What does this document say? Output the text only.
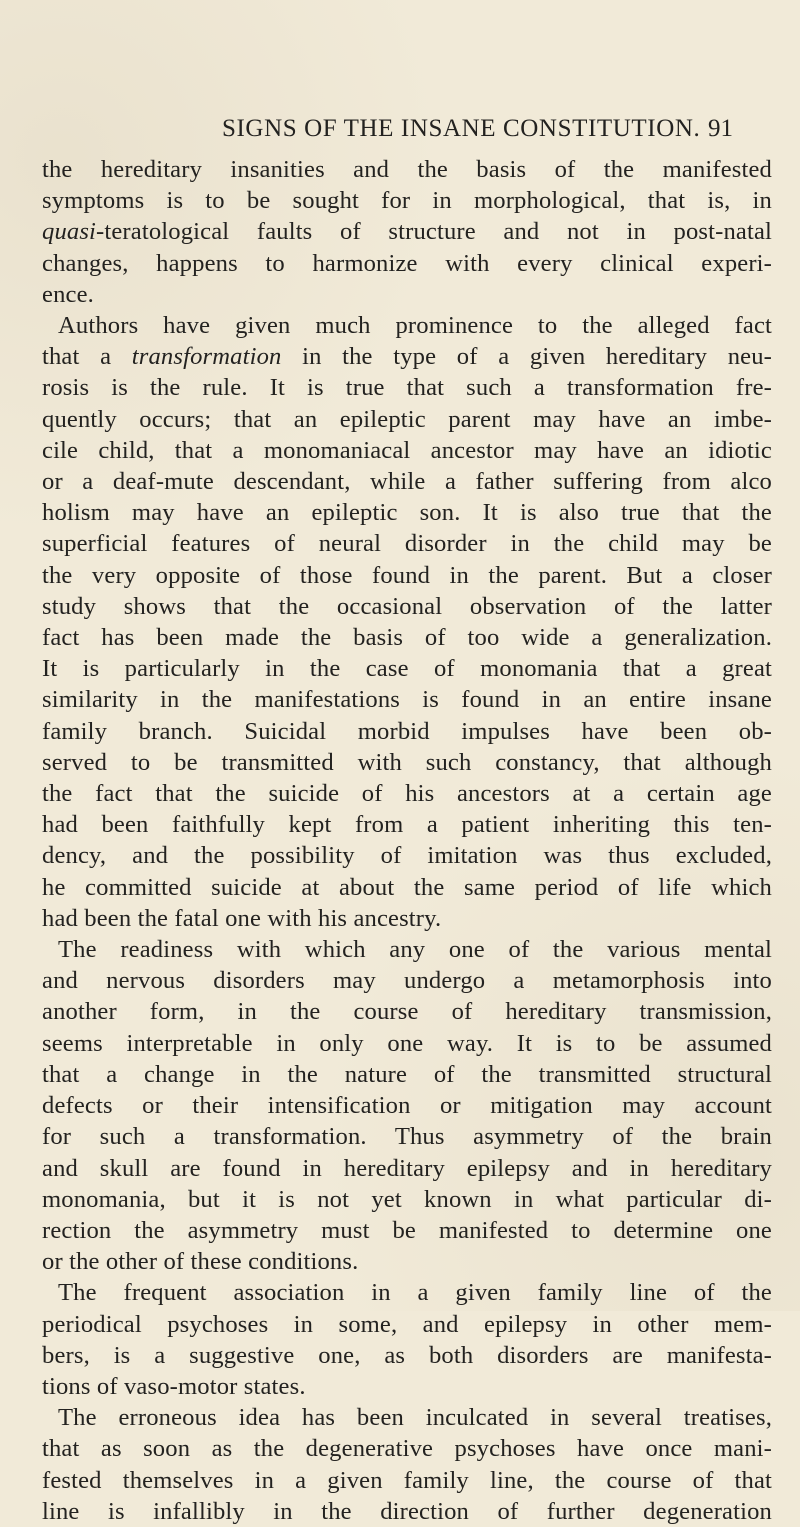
SIGNS OF THE INSANE CONSTITUTION. 91

the hereditary insanities and the basis of the manifested

symptoms is to be sought for in morphological, that is, in

quasi-teratological faults of structure and not in post-natal

changes, happens to harmonize with every clinical experi-

ence.

Authors have given much prominence to the alleged fact

that a transformation in the type of a given hereditary neu-

rosis is the rule. It is true that such a transformation fre-

quently occurs; that an epileptic parent may have an imbe-

cile child, that a monomaniacal ancestor may have an idiotic

or a deaf-mute descendant, while a father suffering from alco

holism may have an epileptic son. It is also true that the

superficial features of neural disorder in the child may be

the very opposite of those found in the parent. But a closer

study shows that the occasional observation of the latter

fact has been made the basis of too wide a generalization.

It is particularly in the case of monomania that a great

similarity in the manifestations is found in an entire insane

family branch. Suicidal morbid impulses have been ob-

served to be transmitted with such constancy, that although

the fact that the suicide of his ancestors at a certain age

had been faithfully kept from a patient inheriting this ten-

dency, and the possibility of imitation was thus excluded,

he committed suicide at about the same period of life which

had been the fatal one with his ancestry.

The readiness with which any one of the various mental

and nervous disorders may undergo a metamorphosis into

another form, in the course of hereditary transmission,

seems interpretable in only one way. It is to be assumed

that a change in the nature of the transmitted structural

defects or their intensification or mitigation may account

for such a transformation. Thus asymmetry of the brain

and skull are found in hereditary epilepsy and in hereditary

monomania, but it is not yet known in what particular di-

rection the asymmetry must be manifested to determine one

or the other of these conditions.

The frequent association in a given family line of the

periodical psychoses in some, and epilepsy in other mem-

bers, is a suggestive one, as both disorders are manifesta-

tions of vaso-motor states.

The erroneous idea has been inculcated in several treatises,

that as soon as the degenerative psychoses have once mani-

fested themselves in a given family line, the course of that

line is infallibly in the direction of further degeneration
